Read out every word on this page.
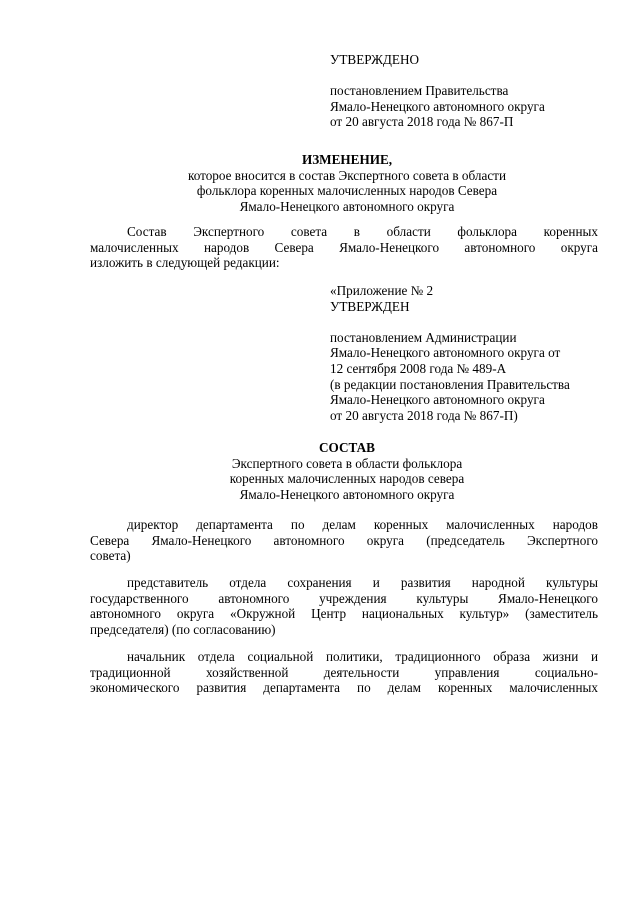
УТВЕРЖДЕНО
постановлением Правительства
Ямало-Ненецкого автономного округа
от 20 августа 2018 года № 867-П
ИЗМЕНЕНИЕ,
которое вносится в состав Экспертного совета в области
фольклора коренных малочисленных народов Севера
Ямало-Ненецкого автономного округа
Состав Экспертного совета в области фольклора коренных
малочисленных народов Севера Ямало-Ненецкого автономного округа
изложить в следующей редакции:
«Приложение № 2
УТВЕРЖДЕН
постановлением Администрации
Ямало-Ненецкого автономного округа от
12 сентября 2008 года № 489-А
(в редакции постановления Правительства
Ямало-Ненецкого автономного округа
от 20 августа 2018 года № 867-П)
СОСТАВ
Экспертного совета в области фольклора
коренных малочисленных народов севера
Ямало-Ненецкого автономного округа
директор департамента по делам коренных малочисленных народов
Севера Ямало-Ненецкого автономного округа (председатель Экспертного
совета)
представитель отдела сохранения и развития народной культуры
государственного автономного учреждения культуры Ямало-Ненецкого
автономного округа «Окружной Центр национальных культур» (заместитель
председателя) (по согласованию)
начальник отдела социальной политики, традиционного образа жизни и
традиционной хозяйственной деятельности управления социально-
экономического развития департамента по делам коренных малочисленных
